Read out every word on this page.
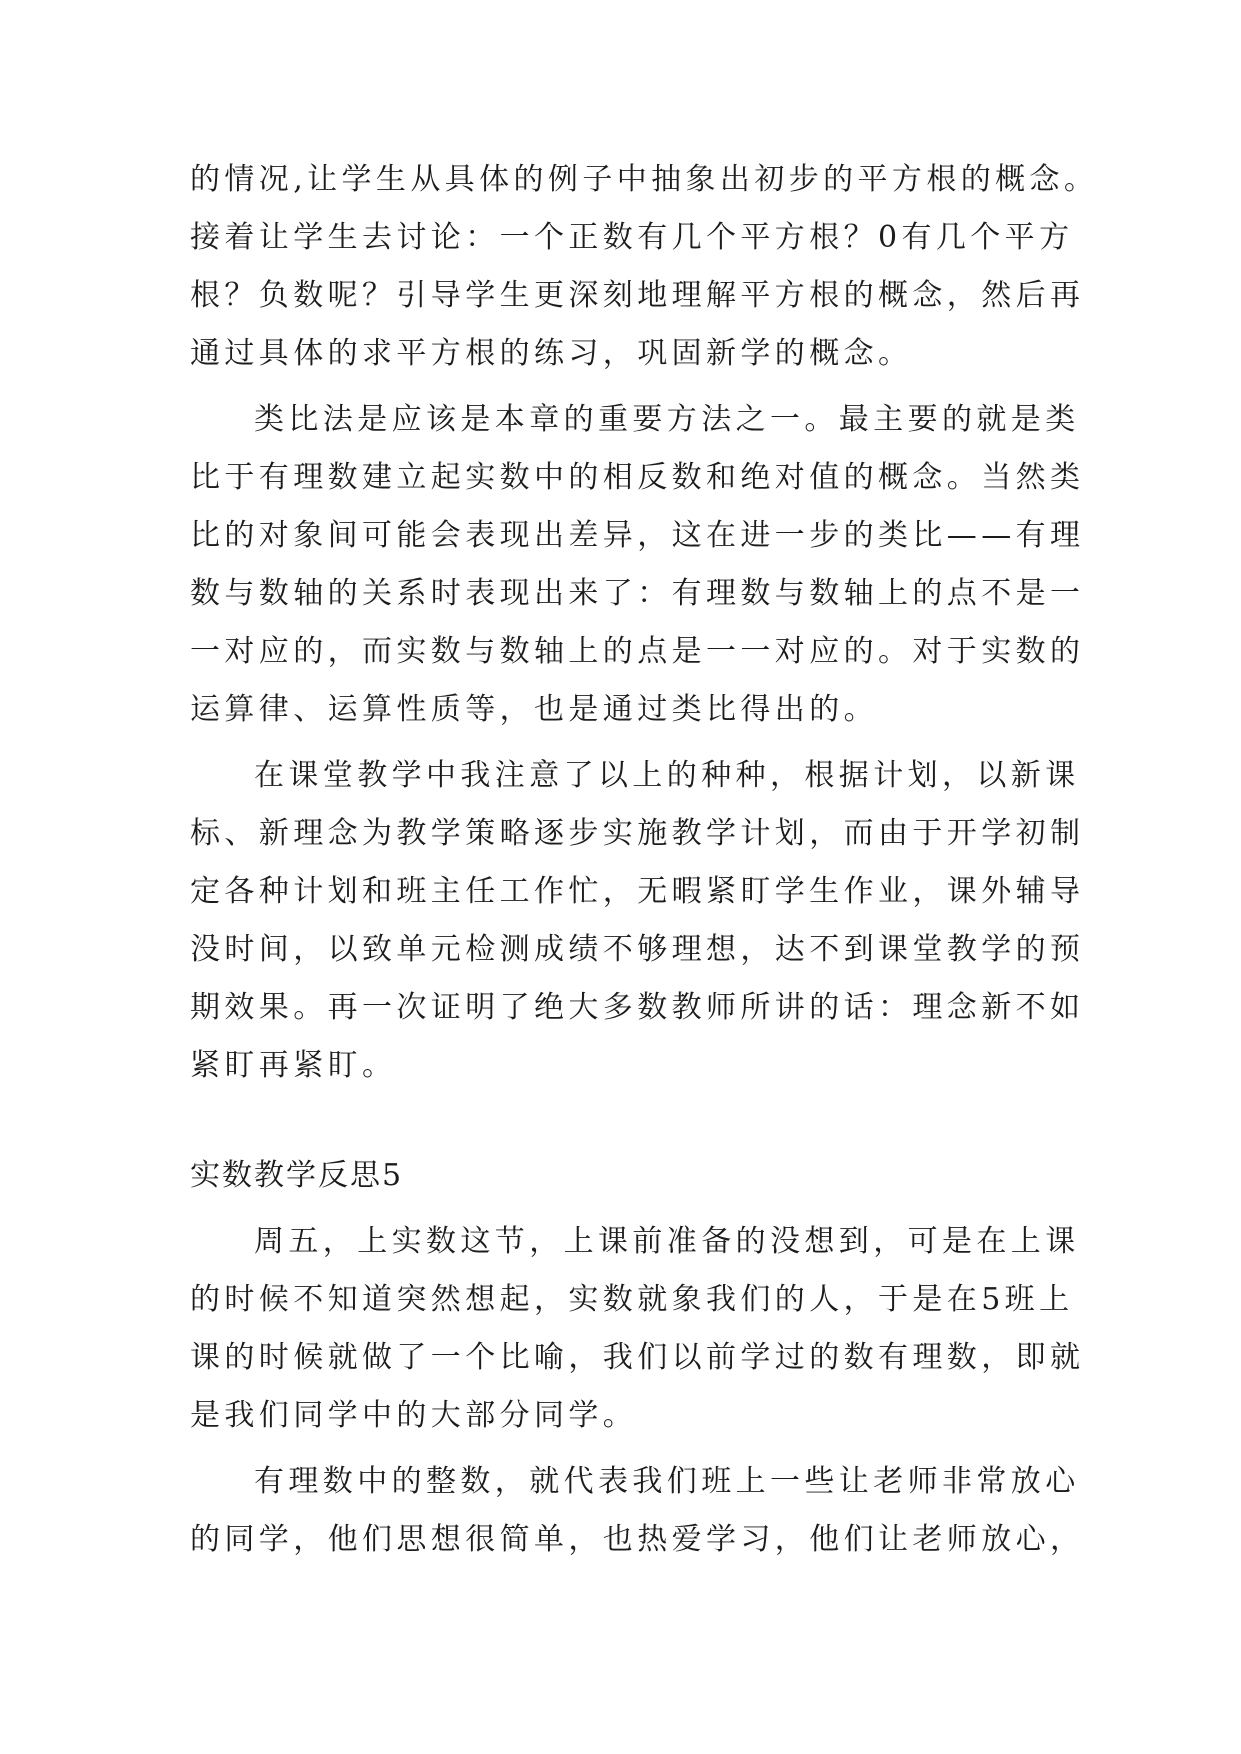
的情况,让学生从具体的例子中抽象出初步的平方根的概念。
接着让学生去讨论：一个正数有几个平方根？0有几个平方
根？负数呢？引导学生更深刻地理解平方根的概念，然后再
通过具体的求平方根的练习，巩固新学的概念。
类比法是应该是本章的重要方法之一。最主要的就是类
比于有理数建立起实数中的相反数和绝对值的概念。当然类
比的对象间可能会表现出差异，这在进一步的类比——有理
数与数轴的关系时表现出来了：有理数与数轴上的点不是一
一对应的，而实数与数轴上的点是一一对应的。对于实数的
运算律、运算性质等，也是通过类比得出的。
在课堂教学中我注意了以上的种种，根据计划，以新课
标、新理念为教学策略逐步实施教学计划，而由于开学初制
定各种计划和班主任工作忙，无暇紧盯学生作业，课外辅导
没时间，以致单元检测成绩不够理想，达不到课堂教学的预
期效果。再一次证明了绝大多数教师所讲的话：理念新不如
紧盯再紧盯。
实数教学反思5
周五，上实数这节，上课前准备的没想到，可是在上课
的时候不知道突然想起，实数就象我们的人，于是在5班上
课的时候就做了一个比喻，我们以前学过的数有理数，即就
是我们同学中的大部分同学。
有理数中的整数，就代表我们班上一些让老师非常放心
的同学，他们思想很简单，也热爱学习，他们让老师放心，
